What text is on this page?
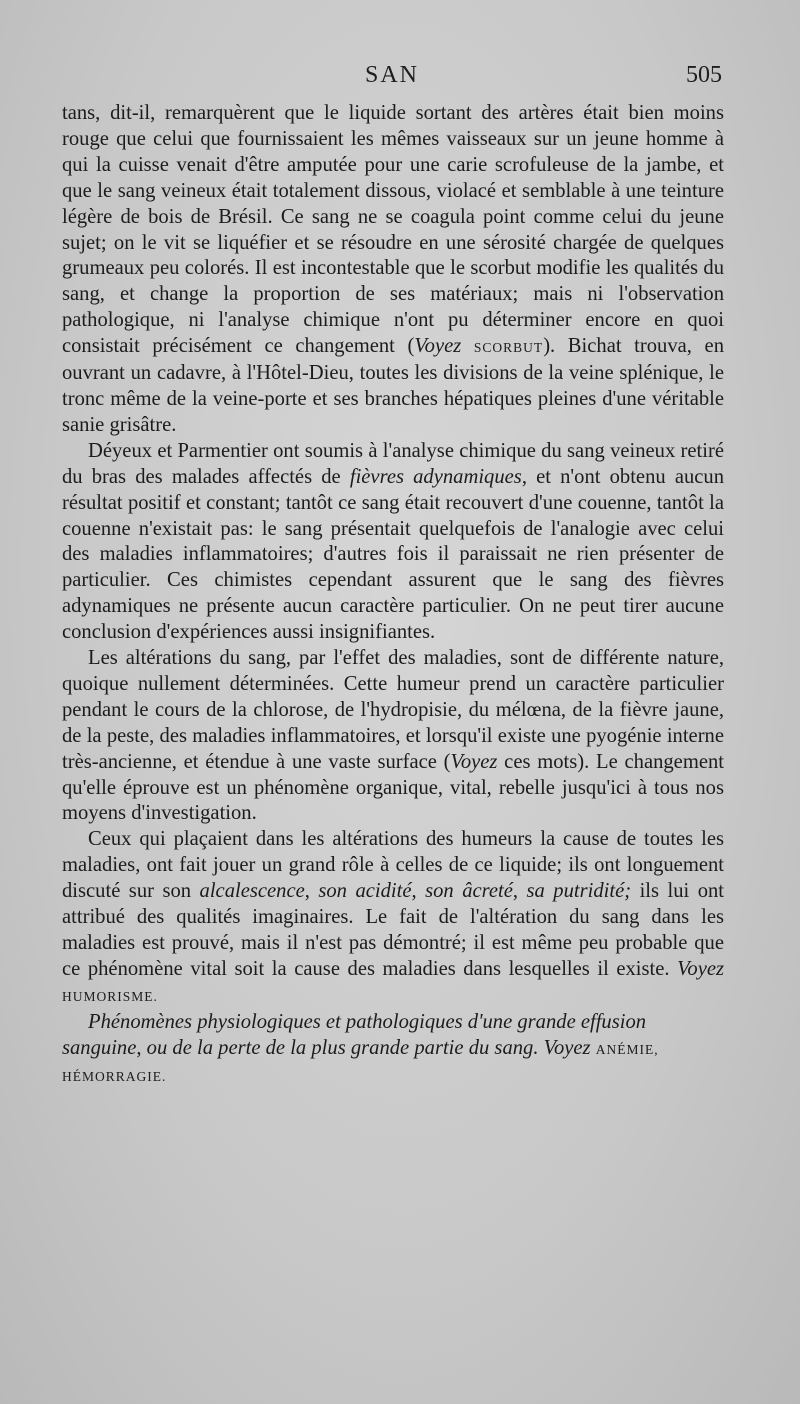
SAN	505

tans, dit-il, remarquèrent que le liquide sortant des artères était bien moins rouge que celui que fournissaient les mêmes vaisseaux sur un jeune homme à qui la cuisse venait d'être amputée pour une carie scrofuleuse de la jambe, et que le sang veineux était totalement dissous, violacé et semblable à une teinture légère de bois de Brésil. Ce sang ne se coagula point comme celui du jeune sujet; on le vit se liquéfier et se résoudre en une sérosité chargée de quelques grumeaux peu colorés. Il est incontestable que le scorbut modifie les qualités du sang, et change la proportion de ses matériaux; mais ni l'observation pathologique, ni l'analyse chimique n'ont pu déterminer encore en quoi consistait précisément ce changement (Voyez SCORBUT). Bichat trouva, en ouvrant un cadavre, à l'Hôtel-Dieu, toutes les divisions de la veine splénique, le tronc même de la veine-porte et ses branches hépatiques pleines d'une véritable sanie grisâtre.

Déyeux et Parmentier ont soumis à l'analyse chimique du sang veineux retiré du bras des malades affectés de fièvres adynamiques, et n'ont obtenu aucun résultat positif et constant; tantôt ce sang était recouvert d'une couenne, tantôt la couenne n'existait pas: le sang présentait quelquefois de l'analogie avec celui des maladies inflammatoires; d'autres fois il paraissait ne rien présenter de particulier. Ces chimistes cependant assurent que le sang des fièvres adynamiques ne présente aucun caractère particulier. On ne peut tirer aucune conclusion d'expériences aussi insignifiantes.

Les altérations du sang, par l'effet des maladies, sont de différente nature, quoique nullement déterminées. Cette humeur prend un caractère particulier pendant le cours de la chlorose, de l'hydropisie, du mélœna, de la fièvre jaune, de la peste, des maladies inflammatoires, et lorsqu'il existe une pyogénie interne très-ancienne, et étendue à une vaste surface (Voyez ces mots). Le changement qu'elle éprouve est un phénomène organique, vital, rebelle jusqu'ici à tous nos moyens d'investigation.

Ceux qui plaçaient dans les altérations des humeurs la cause de toutes les maladies, ont fait jouer un grand rôle à celles de ce liquide; ils ont longuement discuté sur son alcalescence, son acidité, son âcreté, sa putridité; ils lui ont attribué des qualités imaginaires. Le fait de l'altération du sang dans les maladies est prouvé, mais il n'est pas démontré; il est même peu probable que ce phénomène vital soit la cause des maladies dans lesquelles il existe. Voyez HUMORISME.

Phénomènes physiologiques et pathologiques d'une grande effusion sanguine, ou de la perte de la plus grande partie du sang. Voyez ANÉMIE, HÉMORRAGIE.
